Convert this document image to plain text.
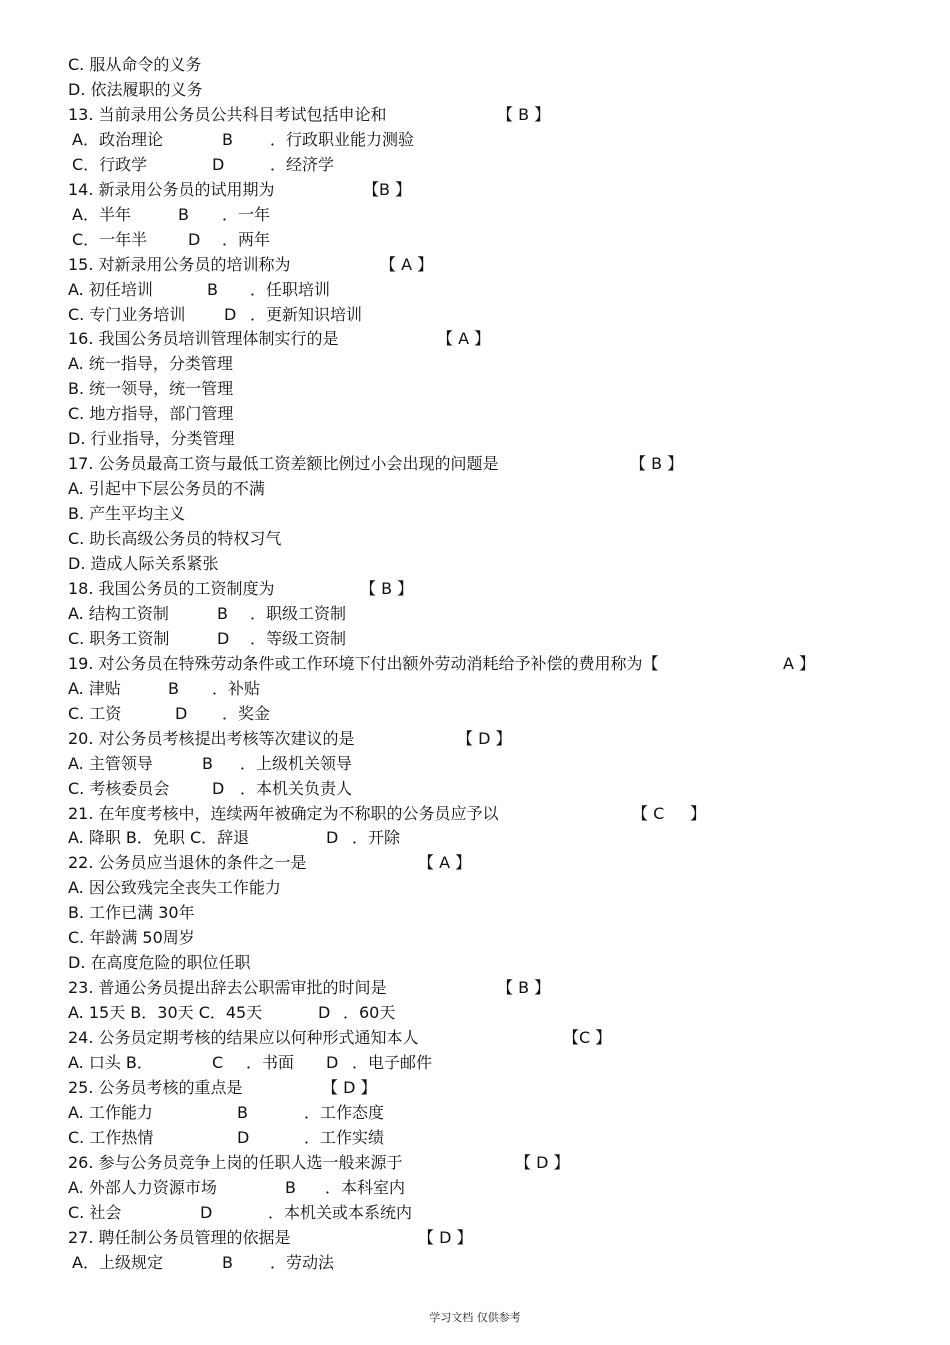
C. 服从命令的义务
D. 依法履职的义务
13. 当前录用公务员公共科目考试包括申论和	【 B 】
A．政治理论	B ．行政职业能力测验
C．行政学	D	．经济学
14. 新录用公务员的试用期为	【B 】
A．半年	B ．一年
C．一年半	D ．两年
15. 对新录用公务员的培训称为	【 A 】
A. 初任培训	B ．任职培训
C. 专门业务培训 D ．更新知识培训
16. 我国公务员培训管理体制实行的是	【 A 】
A. 统一指导，分类管理
B. 统一领导，统一管理
C. 地方指导，部门管理
D. 行业指导，分类管理
17. 公务员最高工资与最低工资差额比例过小会出现的问题是	【 B 】
A. 引起中下层公务员的不满
B. 产生平均主义
C. 助长高级公务员的特权习气
D. 造成人际关系紧张
18. 我国公务员的工资制度为	【 B 】
A. 结构工资制	B ．职级工资制
C. 职务工资制	D ．等级工资制
19. 对公务员在特殊劳动条件或工作环境下付出额外劳动消耗给予补偿的费用称为【	A 】
A. 津贴	B ．补贴
C. 工资	D ．奖金
20. 对公务员考核提出考核等次建议的是	【 D 】
A. 主管领导	B ．上级机关领导
C. 考核委员会	D ．本机关负责人
21. 在年度考核中，连续两年被确定为不称职的公务员应予以	【 C 】
A. 降职 B．免职 C．辞退	D ．开除
22. 公务员应当退休的条件之一是	【 A 】
A. 因公致残完全丧失工作能力
B. 工作已满 30年
C. 年龄满 50周岁
D. 在高度危险的职位任职
23. 普通公务员提出辞去公职需审批的时间是	【 B 】
A. 15天 B．30天 C．45天	D ．60天
24. 公务员定期考核的结果应以何种形式通知本人	【C 】
A. 口头 B．	C ．书面 D ．电子邮件
25. 公务员考核的重点是	【 D 】
A. 工作能力	B	．工作态度
C. 工作热情	D	．工作实绩
26. 参与公务员竞争上岗的任职人选一般来源于	【 D 】
A. 外部人力资源市场	B ．本科室内
C. 社会	D	．本机关或本系统内
27. 聘任制公务员管理的依据是	【 D 】
A．上级规定	B ．劳动法
学习文档 仅供参考
